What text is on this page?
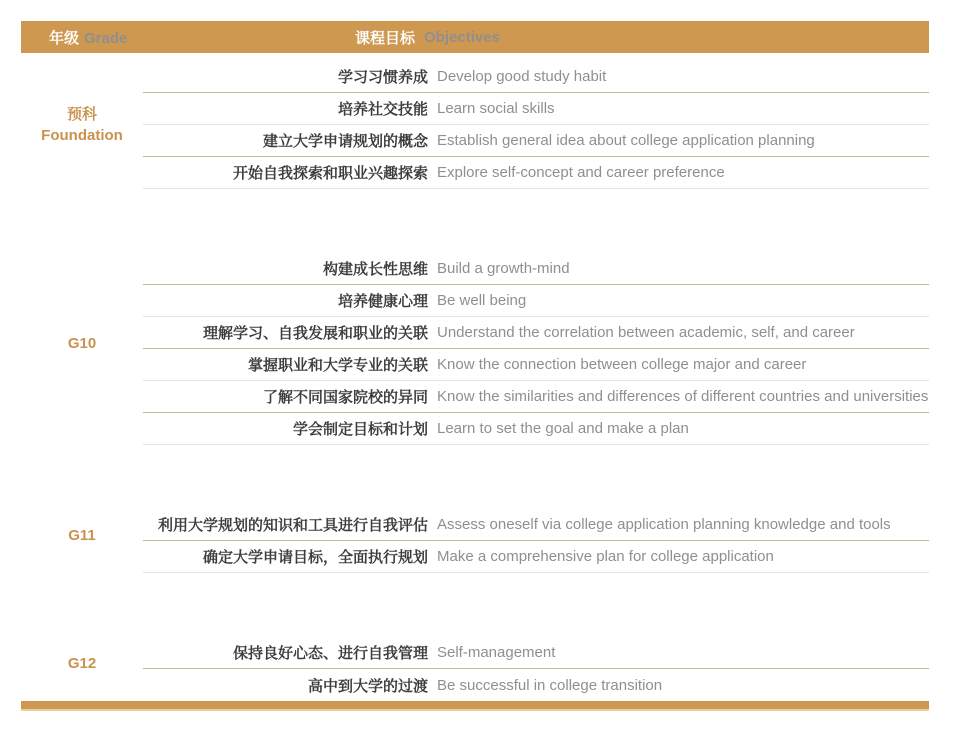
年级 Grade	课程目标 Objectives
预科
Foundation
学习习惯养成 Develop good study habit
培养社交技能 Learn social skills
建立大学申请规划的概念 Establish general idea about college application planning
开始自我探索和职业兴趣探索 Explore self-concept and career preference
G10
构建成长性思维 Build a growth-mind
培养健康心理 Be well being
理解学习、自我发展和职业的关联 Understand the correlation between academic, self, and career
掌握职业和大学专业的关联 Know the connection between college major and career
了解不同国家院校的异同 Know the similarities and differences of different countries and universities
学会制定目标和计划 Learn to set the goal and make a plan
G11
利用大学规划的知识和工具进行自我评估 Assess oneself via college application planning knowledge and tools
确定大学申请目标，全面执行规划 Make a comprehensive plan for college application
G12
保持良好心态、进行自我管理 Self-management
高中到大学的过渡 Be successful in college transition
